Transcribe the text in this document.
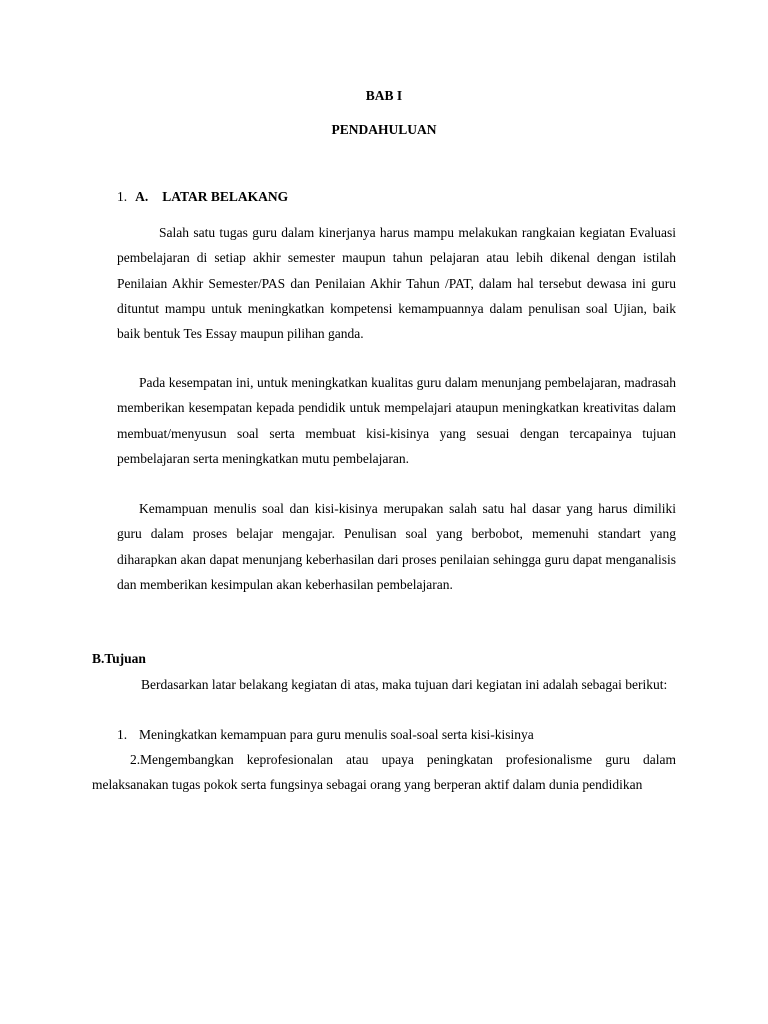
BAB I
PENDAHULUAN
1. A. LATAR BELAKANG

Salah satu tugas guru dalam kinerjanya harus mampu melakukan rangkaian kegiatan Evaluasi pembelajaran di setiap akhir semester maupun tahun pelajaran atau lebih dikenal dengan istilah Penilaian Akhir Semester/PAS dan Penilaian Akhir Tahun /PAT, dalam hal tersebut dewasa ini guru dituntut mampu untuk meningkatkan kompetensi kemampuannya dalam penulisan soal Ujian, baik baik bentuk Tes Essay maupun pilihan ganda.

Pada kesempatan ini, untuk meningkatkan kualitas guru dalam menunjang pembelajaran, madrasah memberikan kesempatan kepada pendidik untuk mempelajari ataupun meningkatkan kreativitas dalam membuat/menyusun soal serta membuat kisi-kisinya yang sesuai dengan tercapainya tujuan pembelajaran serta meningkatkan mutu pembelajaran.

Kemampuan menulis soal dan kisi-kisinya merupakan salah satu hal dasar yang harus dimiliki guru dalam proses belajar mengajar. Penulisan soal yang berbobot, memenuhi standart yang diharapkan akan dapat menunjang keberhasilan dari proses penilaian sehingga guru dapat menganalisis dan memberikan kesimpulan akan keberhasilan pembelajaran.

B.Tujuan

Berdasarkan latar belakang kegiatan di atas, maka tujuan dari kegiatan ini adalah sebagai berikut:

1. Meningkatkan kemampuan para guru menulis soal-soal serta kisi-kisinya

2.Mengembangkan keprofesionalan atau upaya peningkatan profesionalisme guru dalam melaksanakan tugas pokok serta fungsinya sebagai orang yang berperan aktif dalam dunia pendidikan
